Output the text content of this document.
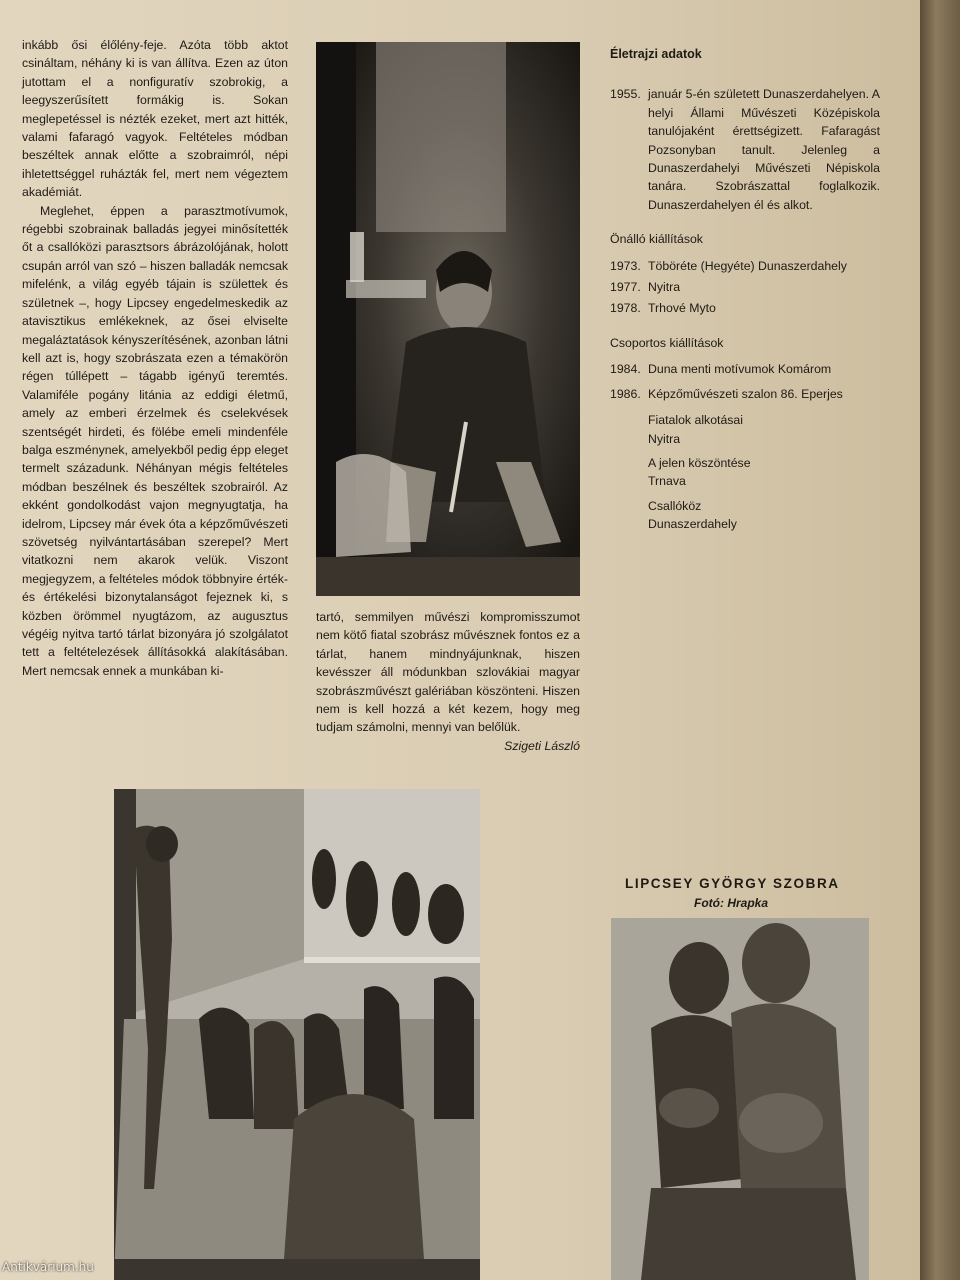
inkább ősi élőlény-feje. Azóta több aktot csináltam, néhány ki is van állítva. Ezen az úton jutottam el a nonfiguratív szobrokig, a leegyszerűsített formákig is. Sokan meglepetéssel is nézték ezeket, mert azt hitték, valami fafaragó vagyok. Feltételes módban beszéltek annak előtte a szobraimról, népi ihletettséggel ruházták fel, mert nem végeztem akadémiát.

Meglehet, éppen a parasztmotívumok, régebbi szobrainak balladás jegyei minősítették őt a csallóközi parasztsors ábrázolójának, holott csupán arról van szó – hiszen balladák nemcsak mifelénk, a világ egyéb tájain is születtek és születnek –, hogy Lipcsey engedelmeskedik az atavisztikus emlékeknek, az ősei elviselte megaláztatások kényszerítésének, azonban látni kell azt is, hogy szobrászata ezen a témakörön régen túllépett – tágabb igényű teremtés. Valamiféle pogány litánia az eddigi életmű, amely az emberi érzelmek és cselekvések szentségét hirdeti, és fölébe emeli mindenféle balga eszménynek, amelyekből pedig épp eleget termelt századunk. Néhányan mégis feltételes módban beszélnek és beszéltek szobrairól. Az ekként gondolkodást vajon megnyugtatja, ha idelrom, Lipcsey már évek óta a képzőművészeti szövetség nyilvántartásában szerepel? Mert vitatkozni nem akarok velük. Viszont megjegyzem, a feltételes módok többnyire érték- és értékelési bizonytalanságot fejeznek ki, s közben örömmel nyugtázom, az augusztus végéig nyitva tartó tárlat bizonyára jó szolgálatot tett a feltételezések állításokká alakításában. Mert nemcsak ennek a munkában ki-

tartó, semmilyen művészi kompromisszumot nem kötő fiatal szobrász művésznek fontos ez a tárlat, hanem mindnyájunknak, hiszen kevésszer áll módunkban szlovákiai magyar szobrászművészt galériában köszönteni. Hiszen nem is kell hozzá a két kezem, hogy meg tudjam számolni, mennyi van belőlük.

Szigeti László

Életrajzi adatok
1955. január 5-én született Dunaszerdahelyen. A helyi Állami Művészeti Középiskola tanulójaként érettségizett. Fafaragást Pozsonyban tanult. Jelenleg a Dunaszerdahelyi Művészeti Népiskola tanára. Szobrászattal foglalkozik. Dunaszerdahelyen él és alkot.
Önálló kiállítások
1973. Töböréte (Hegyéte) Dunaszerdahely
1977. Nyitra
1978. Trhové Myto
Csoportos kiállítások
1984. Duna menti motívumok Komárom
1986. Képzőművészeti szalon 86. Eperjes
Fiatalok alkotásai
Nyitra
A jelen köszöntése
Trnava
Csallóköz
Dunaszerdahely
LIPCSEY GYÖRGY SZOBRA
Fotó: Hrapka
Antikvárium.hu
